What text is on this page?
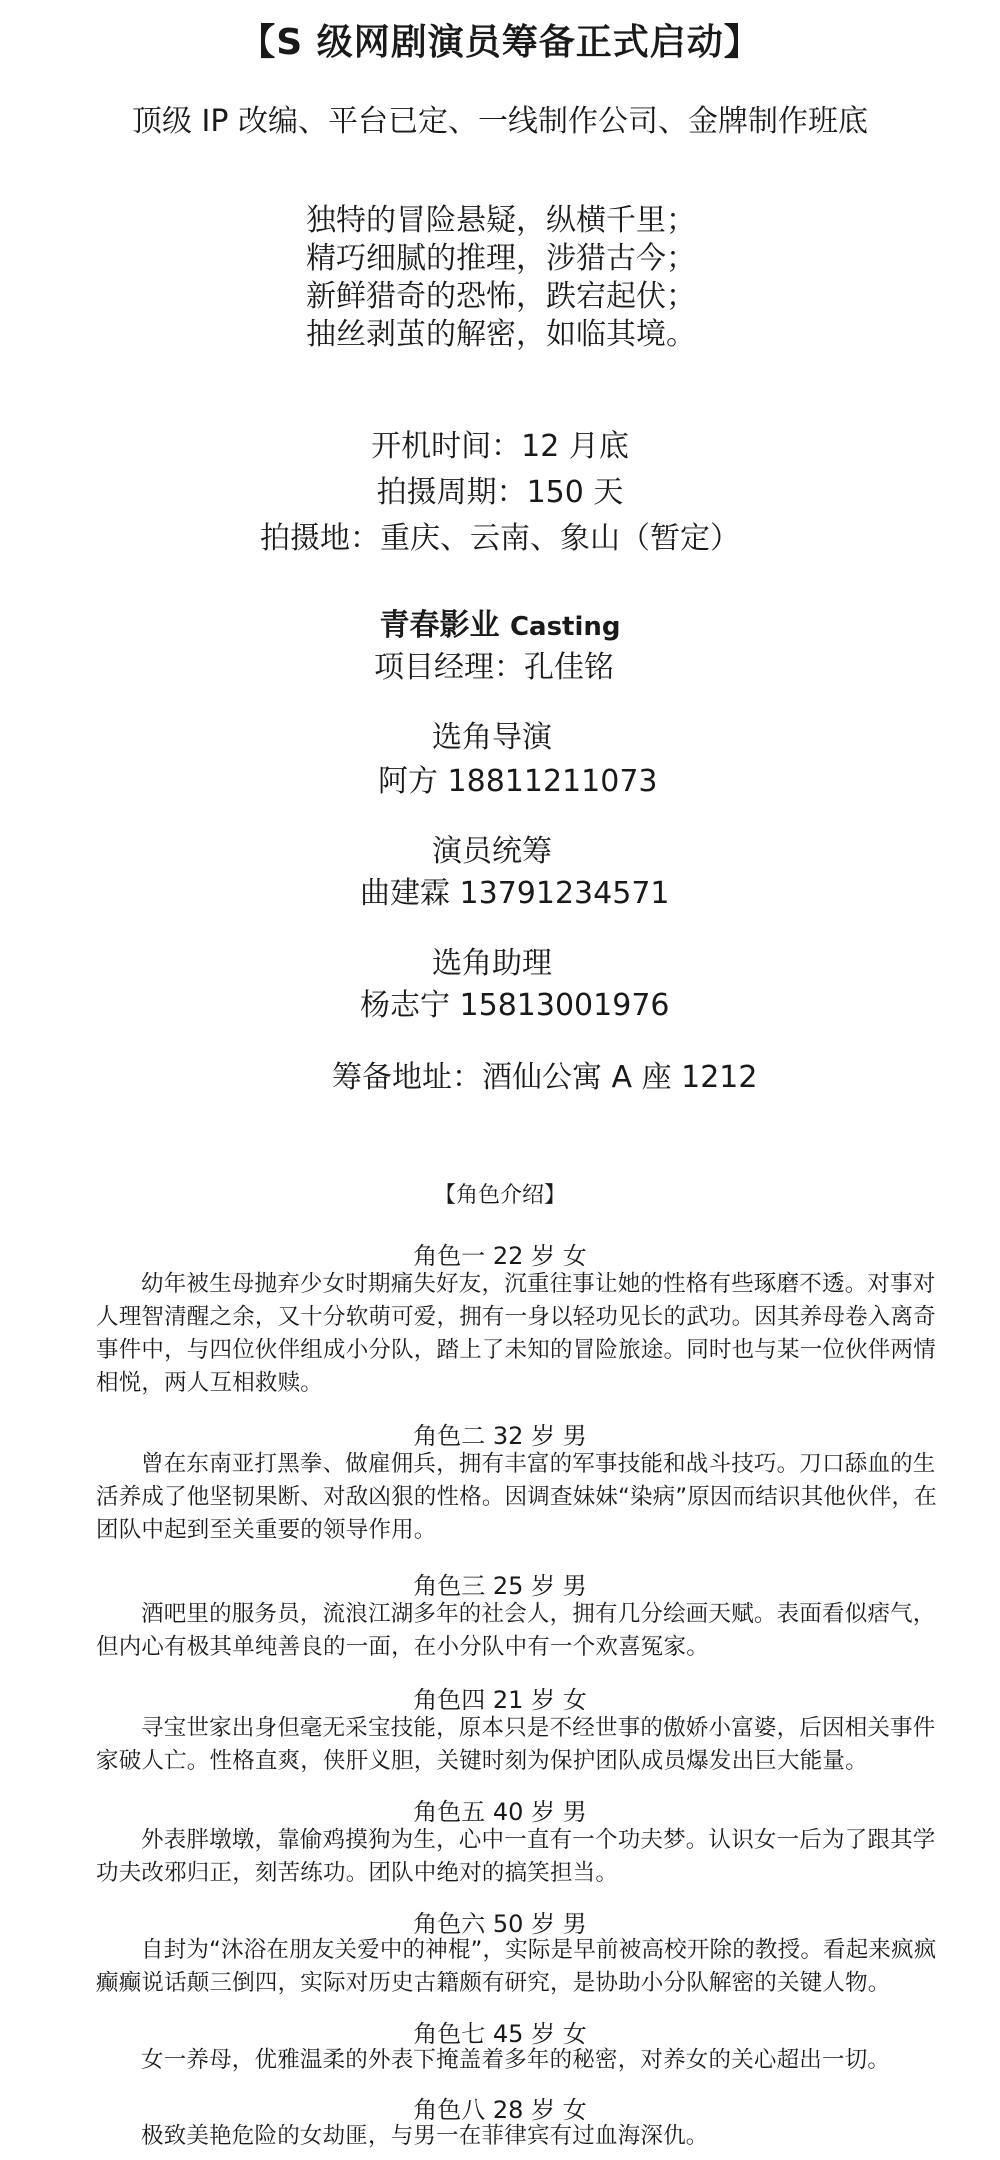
【S 级网剧演员筹备正式启动】
顶级 IP 改编、平台已定、一线制作公司、金牌制作班底
独特的冒险悬疑，纵横千里；
精巧细腻的推理，涉猎古今；
新鲜猎奇的恐怖，跌宕起伏；
抽丝剥茧的解密，如临其境。
开机时间：12 月底
拍摄周期：150 天
拍摄地：重庆、云南、象山（暂定）
青春影业 Casting
项目经理：孔佳铭
选角导演
阿方 18811211073
演员统筹
曲建霖 13791234571
选角助理
杨志宁 15813001976
筹备地址：酒仙公寓 A 座 1212
【角色介绍】
角色一 22 岁 女
幼年被生母抛弃少女时期痛失好友，沉重往事让她的性格有些琢磨不透。对事对人理智清醒之余，又十分软萌可爱，拥有一身以轻功见长的武功。因其养母卷入离奇事件中，与四位伙伴组成小分队，踏上了未知的冒险旅途。同时也与某一位伙伴两情相悦，两人互相救赎。
角色二 32 岁 男
曾在东南亚打黑拳、做雇佣兵，拥有丰富的军事技能和战斗技巧。刀口舔血的生活养成了他坚韧果断、对敌凶狠的性格。因调查妹妹“染病”原因而结识其他伙伴，在团队中起到至关重要的领导作用。
角色三 25 岁 男
酒吧里的服务员，流浪江湖多年的社会人，拥有几分绘画天赋。表面看似痞气，但内心有极其单纯善良的一面，在小分队中有一个欢喜冤家。
角色四 21 岁 女
寻宝世家出身但毫无采宝技能，原本只是不经世事的傲娇小富婆，后因相关事件家破人亡。性格直爽，侠肝义胆，关键时刻为保护团队成员爆发出巨大能量。
角色五 40 岁 男
外表胖墩墩，靠偷鸡摸狗为生，心中一直有一个功夫梦。认识女一后为了跟其学功夫改邪归正，刻苦练功。团队中绝对的搞笑担当。
角色六 50 岁 男
自封为“沐浴在朋友关爱中的神棍”，实际是早前被高校开除的教授。看起来疯疯癫癫说话颠三倒四，实际对历史古籍颇有研究，是协助小分队解密的关键人物。
角色七 45 岁 女
女一养母，优雅温柔的外表下掩盖着多年的秘密，对养女的关心超出一切。
角色八 28 岁 女
极致美艳危险的女劫匪，与男一在菲律宾有过血海深仇。
